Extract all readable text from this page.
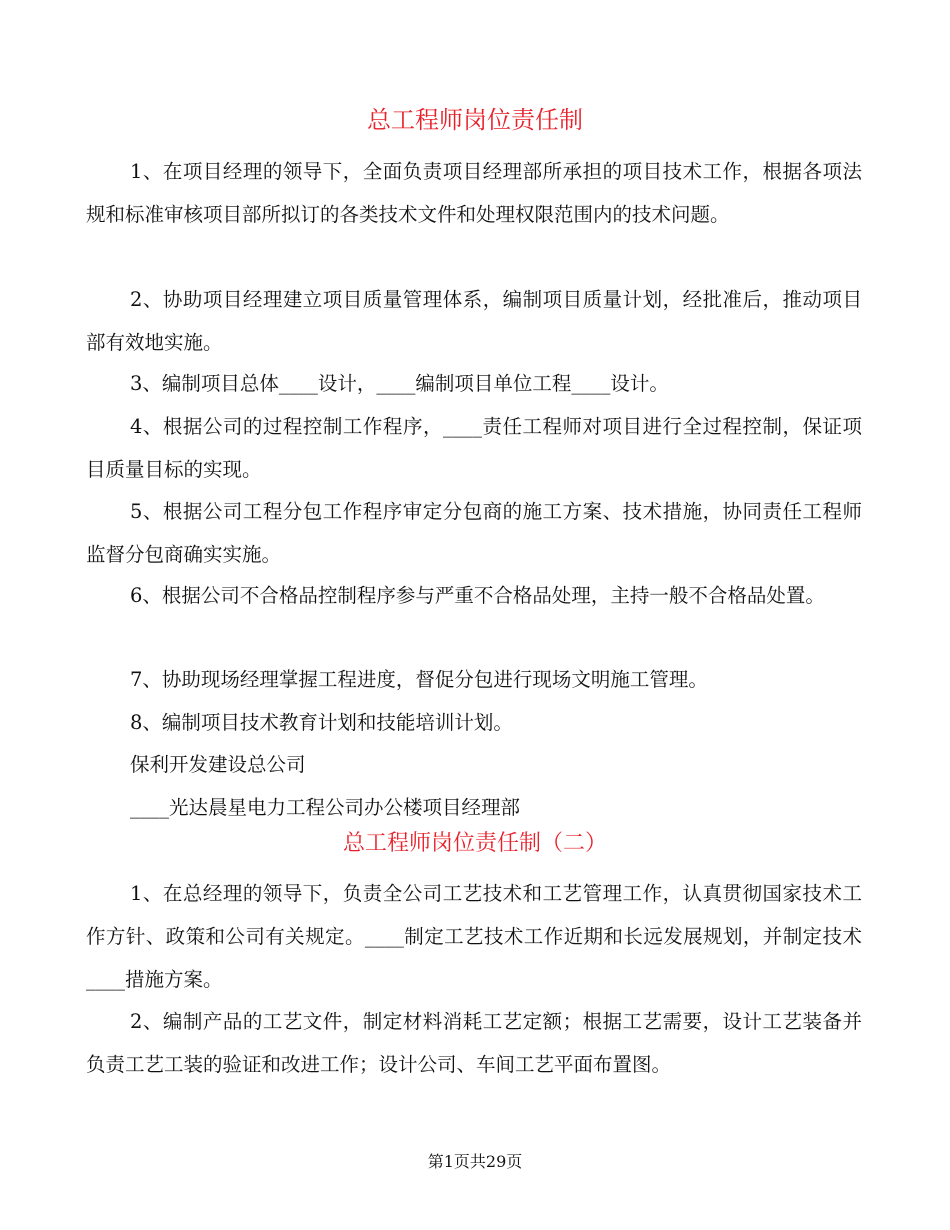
总工程师岗位责任制

1、在项目经理的领导下，全面负责项目经理部所承担的项目技术工作，根据各项法规和标准审核项目部所拟订的各类技术文件和处理权限范围内的技术问题。

2、协助项目经理建立项目质量管理体系，编制项目质量计划，经批准后，推动项目部有效地实施。

3、编制项目总体____设计，____编制项目单位工程____设计。

4、根据公司的过程控制工作程序，____责任工程师对项目进行全过程控制，保证项目质量目标的实现。

5、根据公司工程分包工作程序审定分包商的施工方案、技术措施，协同责任工程师监督分包商确实实施。

6、根据公司不合格品控制程序参与严重不合格品处理，主持一般不合格品处置。

7、协助现场经理掌握工程进度，督促分包进行现场文明施工管理。

8、编制项目技术教育计划和技能培训计划。

保利开发建设总公司

____光达晨星电力工程公司办公楼项目经理部

总工程师岗位责任制（二）

1、在总经理的领导下，负责全公司工艺技术和工艺管理工作，认真贯彻国家技术工作方针、政策和公司有关规定。____制定工艺技术工作近期和长远发展规划，并制定技术____措施方案。

2、编制产品的工艺文件，制定材料消耗工艺定额；根据工艺需要，设计工艺装备并负责工艺工装的验证和改进工作；设计公司、车间工艺平面布置图。

第1页共29页
